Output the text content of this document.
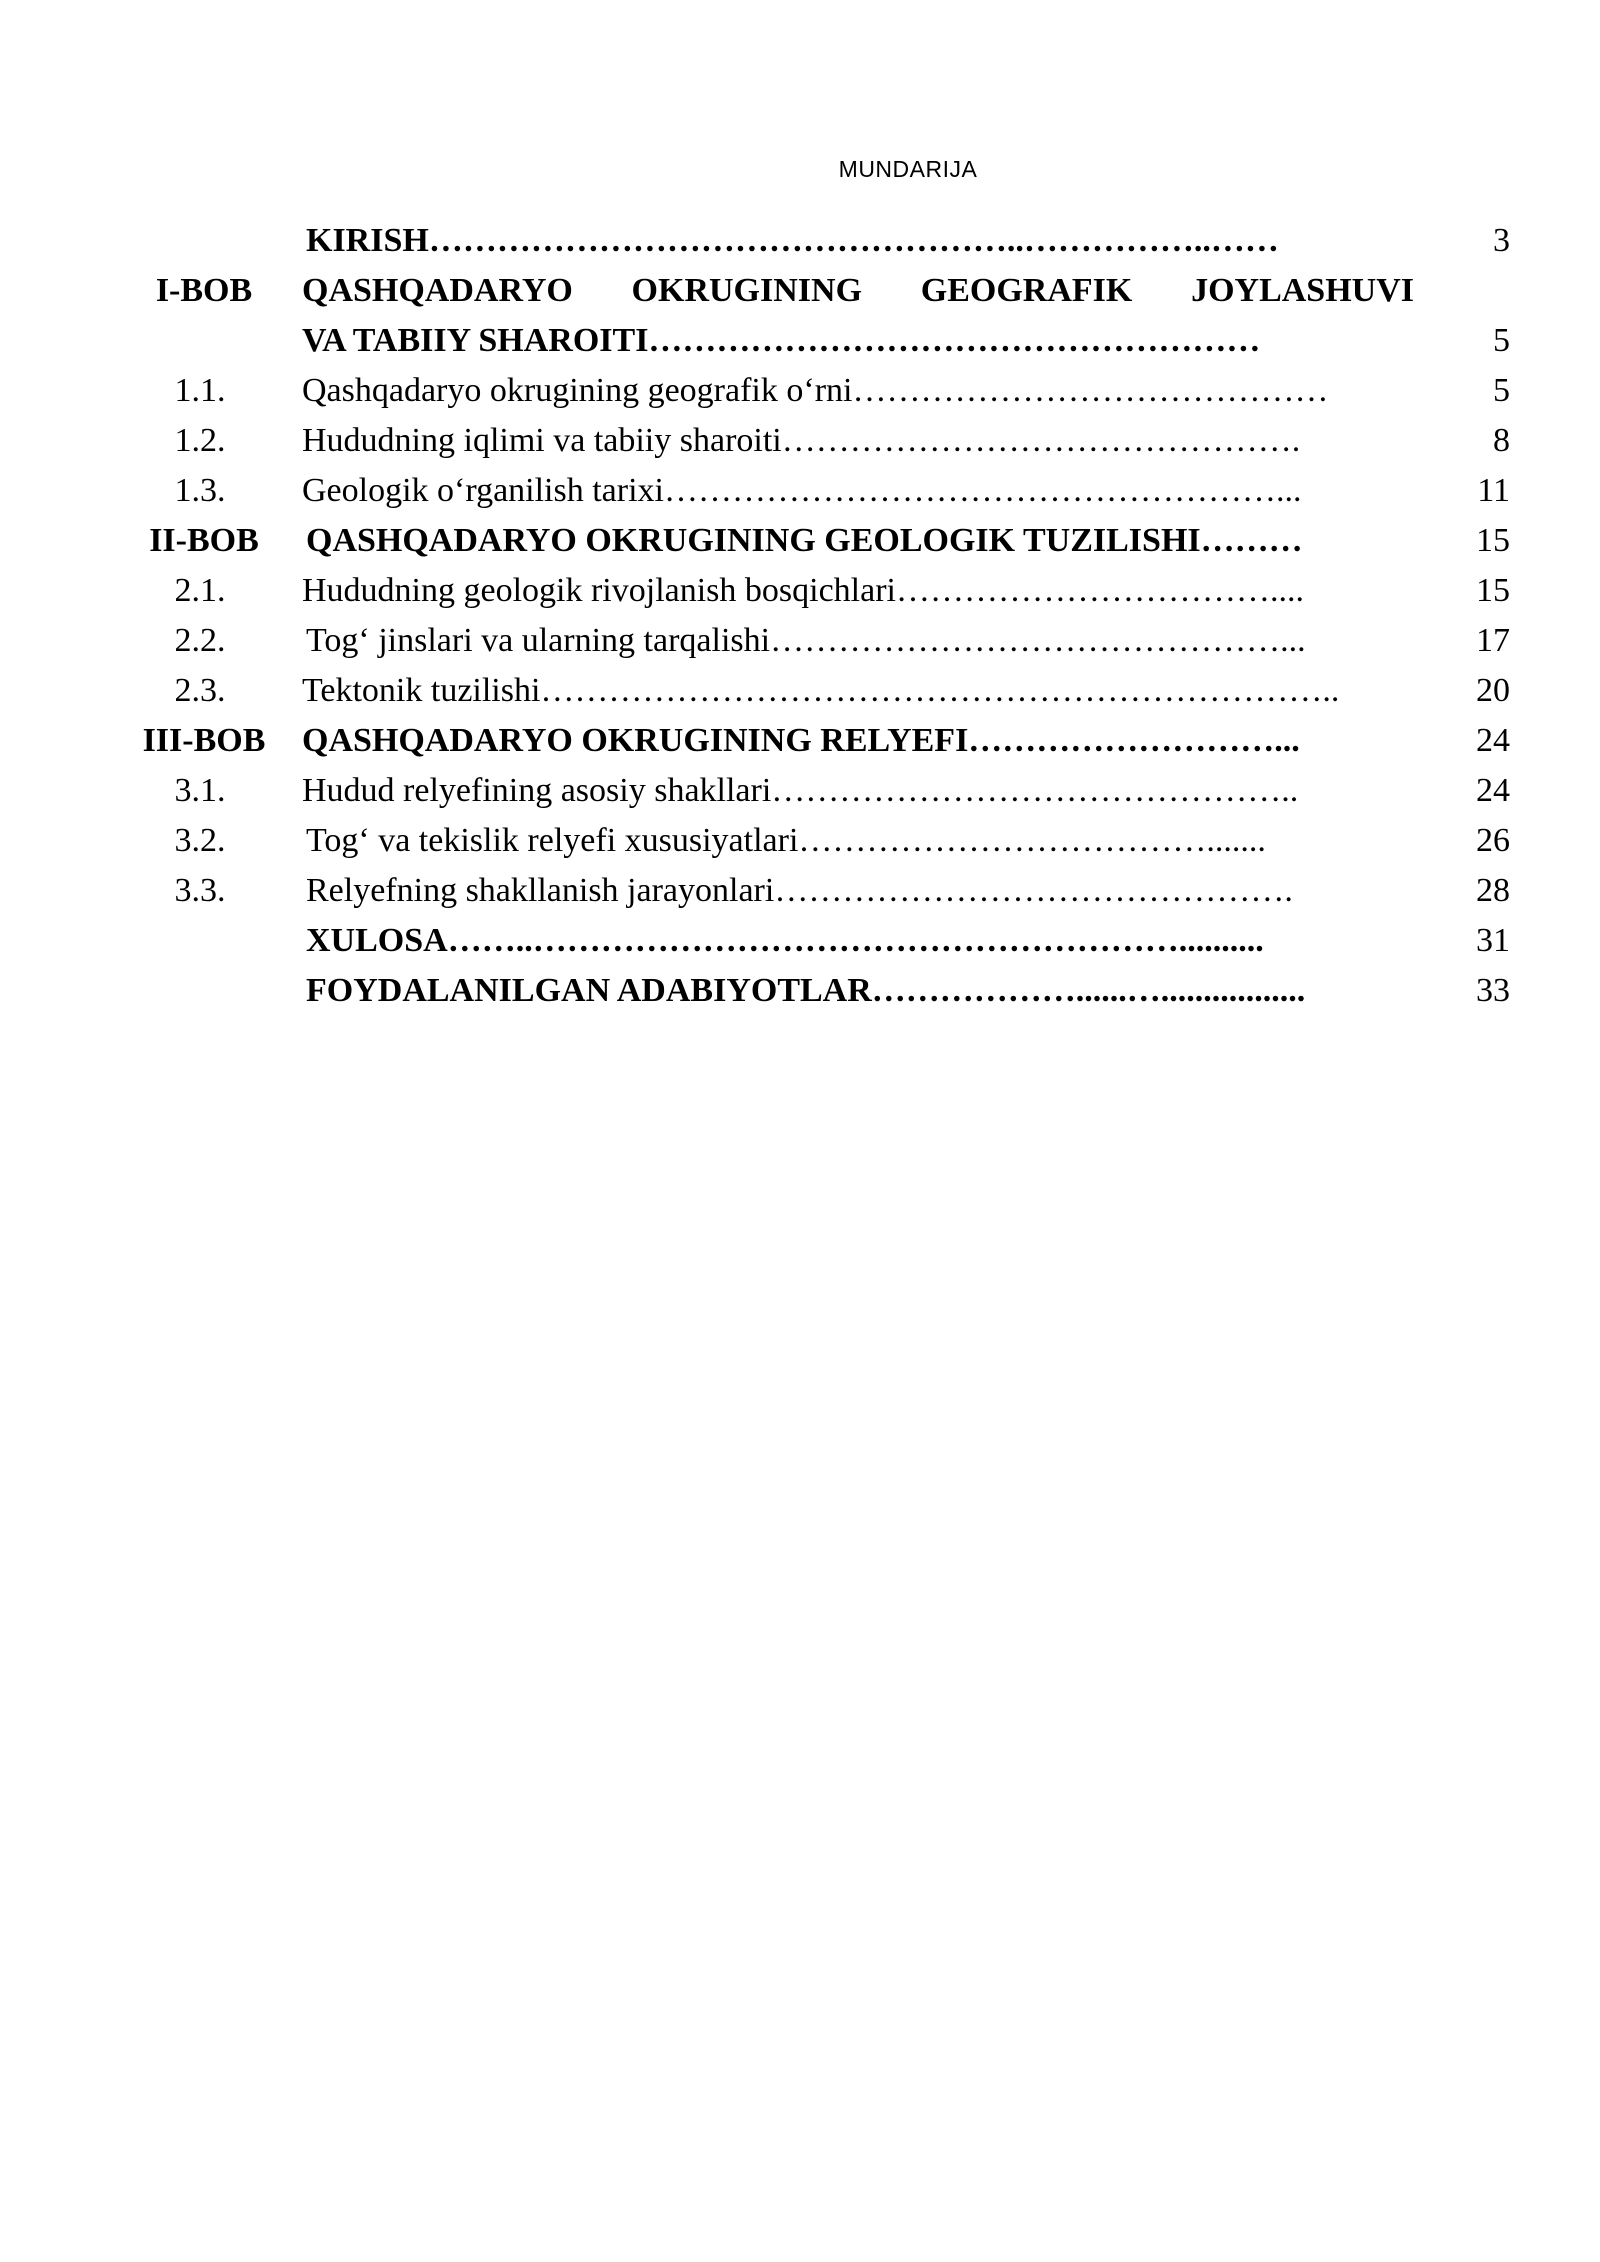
MUNDARIJA
KIRISH……………………………………………..……………..……	3
I-BOB	QASHQADARYO OKRUGINING GEOGRAFIK JOYLASHUVI
VA TABIIY SHAROITI………………………………………………	5
1.1.	Qashqadaryo okrugining geografik o‘rni……………………………………	5
1.2.	Hududning iqlimi va tabiiy sharoiti……………………………………….	8
1.3.	Geologik o‘rganilish tarixi………………………………………………...	11
II-BOB	QASHQADARYO OKRUGINING GEOLOGIK TUZILISHI………	15
2.1.	Hududning geologik rivojlanish bosqichlari……………………………....	15
2.2.	Tog‘ jinslari va ularning tarqalishi………………………………………...	17
2.3.	Tektonik tuzilishi……………………………………………………………..	20
III-BOB	QASHQADARYO OKRUGINING RELYEFI………………………...	24
3.1.	Hudud relyefining asosiy shakllari………………………………………..	24
3.2.	Tog‘ va tekislik relyefi xususiyatlari……………………………….......	26
3.3.	Relyefning shakllanish jarayonlari……………………………………….	28
XULOSA……..…………………………………………………..........	31
FOYDALANILGAN ADABIYOTLAR………………......….................	33
